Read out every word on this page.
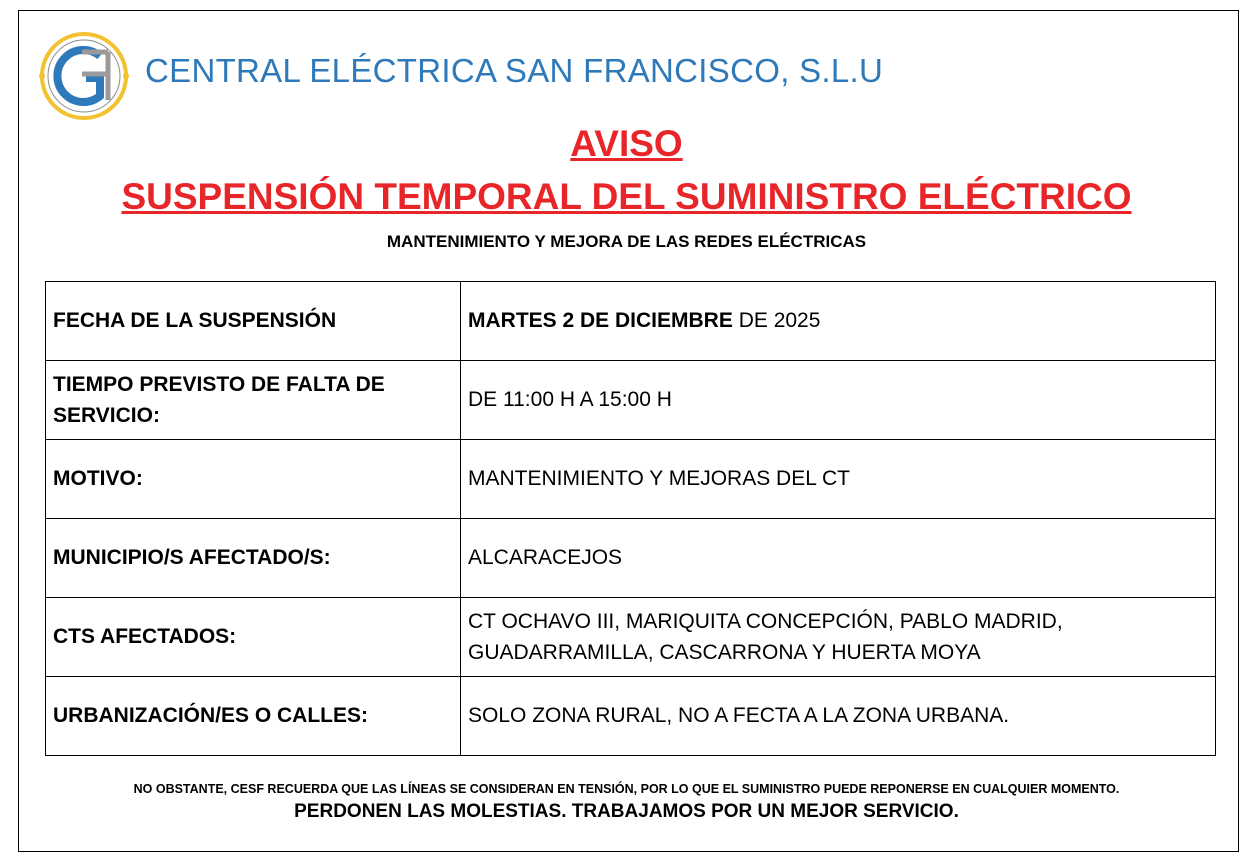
CENTRAL ELÉCTRICA SAN FRANCISCO, S.L.U
AVISO
SUSPENSIÓN TEMPORAL DEL SUMINISTRO ELÉCTRICO
MANTENIMIENTO Y MEJORA DE LAS REDES ELÉCTRICAS
FECHA DE LA SUSPENSIÓN	MARTES 2 DE DICIEMBRE DE 2025
TIEMPO PREVISTO DE FALTA DE SERVICIO:	DE 11:00 H A 15:00 H
MOTIVO:	MANTENIMIENTO Y MEJORAS DEL CT
MUNICIPIO/S AFECTADO/S:	ALCARACEJOS
CTS AFECTADOS:	CT OCHAVO III, MARIQUITA CONCEPCIÓN, PABLO MADRID, GUADARRAMILLA, CASCARRONA Y HUERTA MOYA
URBANIZACIÓN/ES O CALLES:	SOLO ZONA RURAL, NO A FECTA A LA ZONA URBANA.
NO OBSTANTE, CESF RECUERDA QUE LAS LÍNEAS SE CONSIDERAN EN TENSIÓN, POR LO QUE EL SUMINISTRO PUEDE REPONERSE EN CUALQUIER MOMENTO.
PERDONEN LAS MOLESTIAS. TRABAJAMOS POR UN MEJOR SERVICIO.
